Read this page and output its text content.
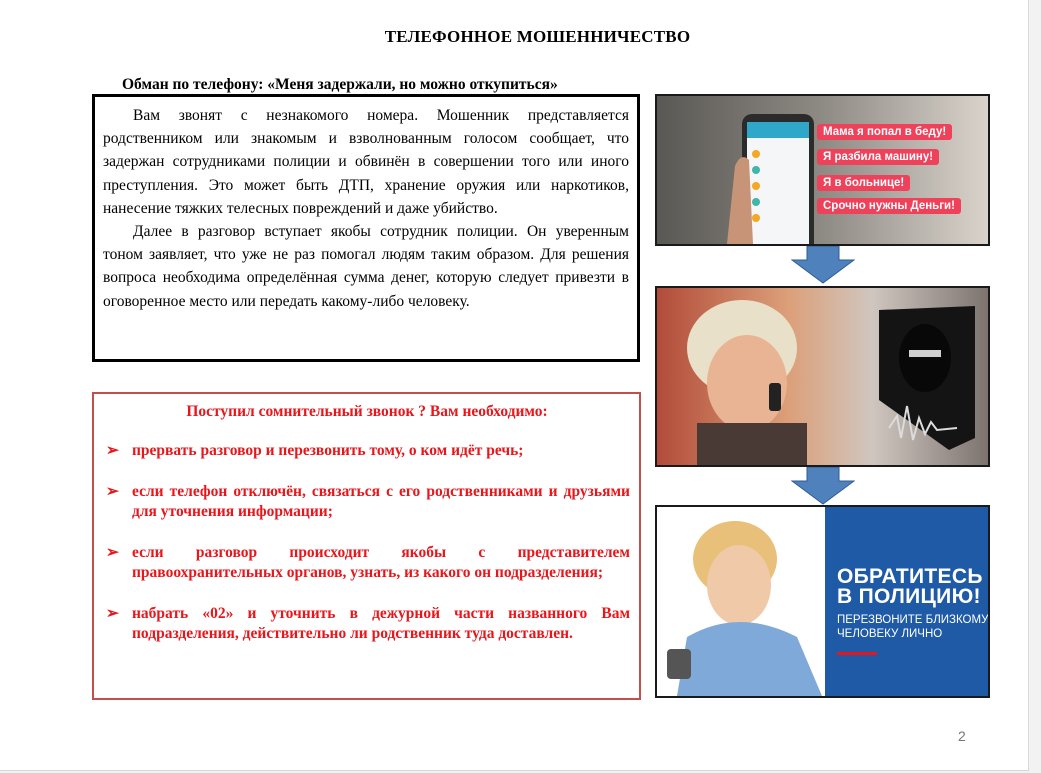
ТЕЛЕФОННОЕ МОШЕННИЧЕСТВО
Обман по телефону: «Меня задержали, но можно откупиться»

Вам звонят с незнакомого номера. Мошенник представляется родственником или знакомым и взволнованным голосом сообщает, что задержан сотрудниками полиции и обвинён в совершении того или иного преступления. Это может быть ДТП, хранение оружия или наркотиков, нанесение тяжких телесных повреждений и даже убийство.

Далее в разговор вступает якобы сотрудник полиции. Он уверенным тоном заявляет, что уже не раз помогал людям таким образом. Для решения вопроса необходима определённая сумма денег, которую следует привезти в оговоренное место или передать какому-либо человеку.

Поступил сомнительный звонок ? Вам необходимо:
➢ прервать разговор и перезвонить тому, о ком идёт речь;
➢ если телефон отключён, связаться с его родственниками и друзьями для уточнения информации;
➢ если разговор происходит якобы с представителем правоохранительных органов, узнать, из какого он подразделения;
➢ набрать «02» и уточнить в дежурной части названного Вам подразделения, действительно ли родственник туда доставлен.
Мама я попал в беду!
Я разбила машину!
Я в больнице!
Срочно нужны Деньги!
ОБРАТИТЕСЬ
В ПОЛИЦИЮ!
ПЕРЕЗВОНИТЕ БЛИЗКОМУ
ЧЕЛОВЕКУ ЛИЧНО
2
